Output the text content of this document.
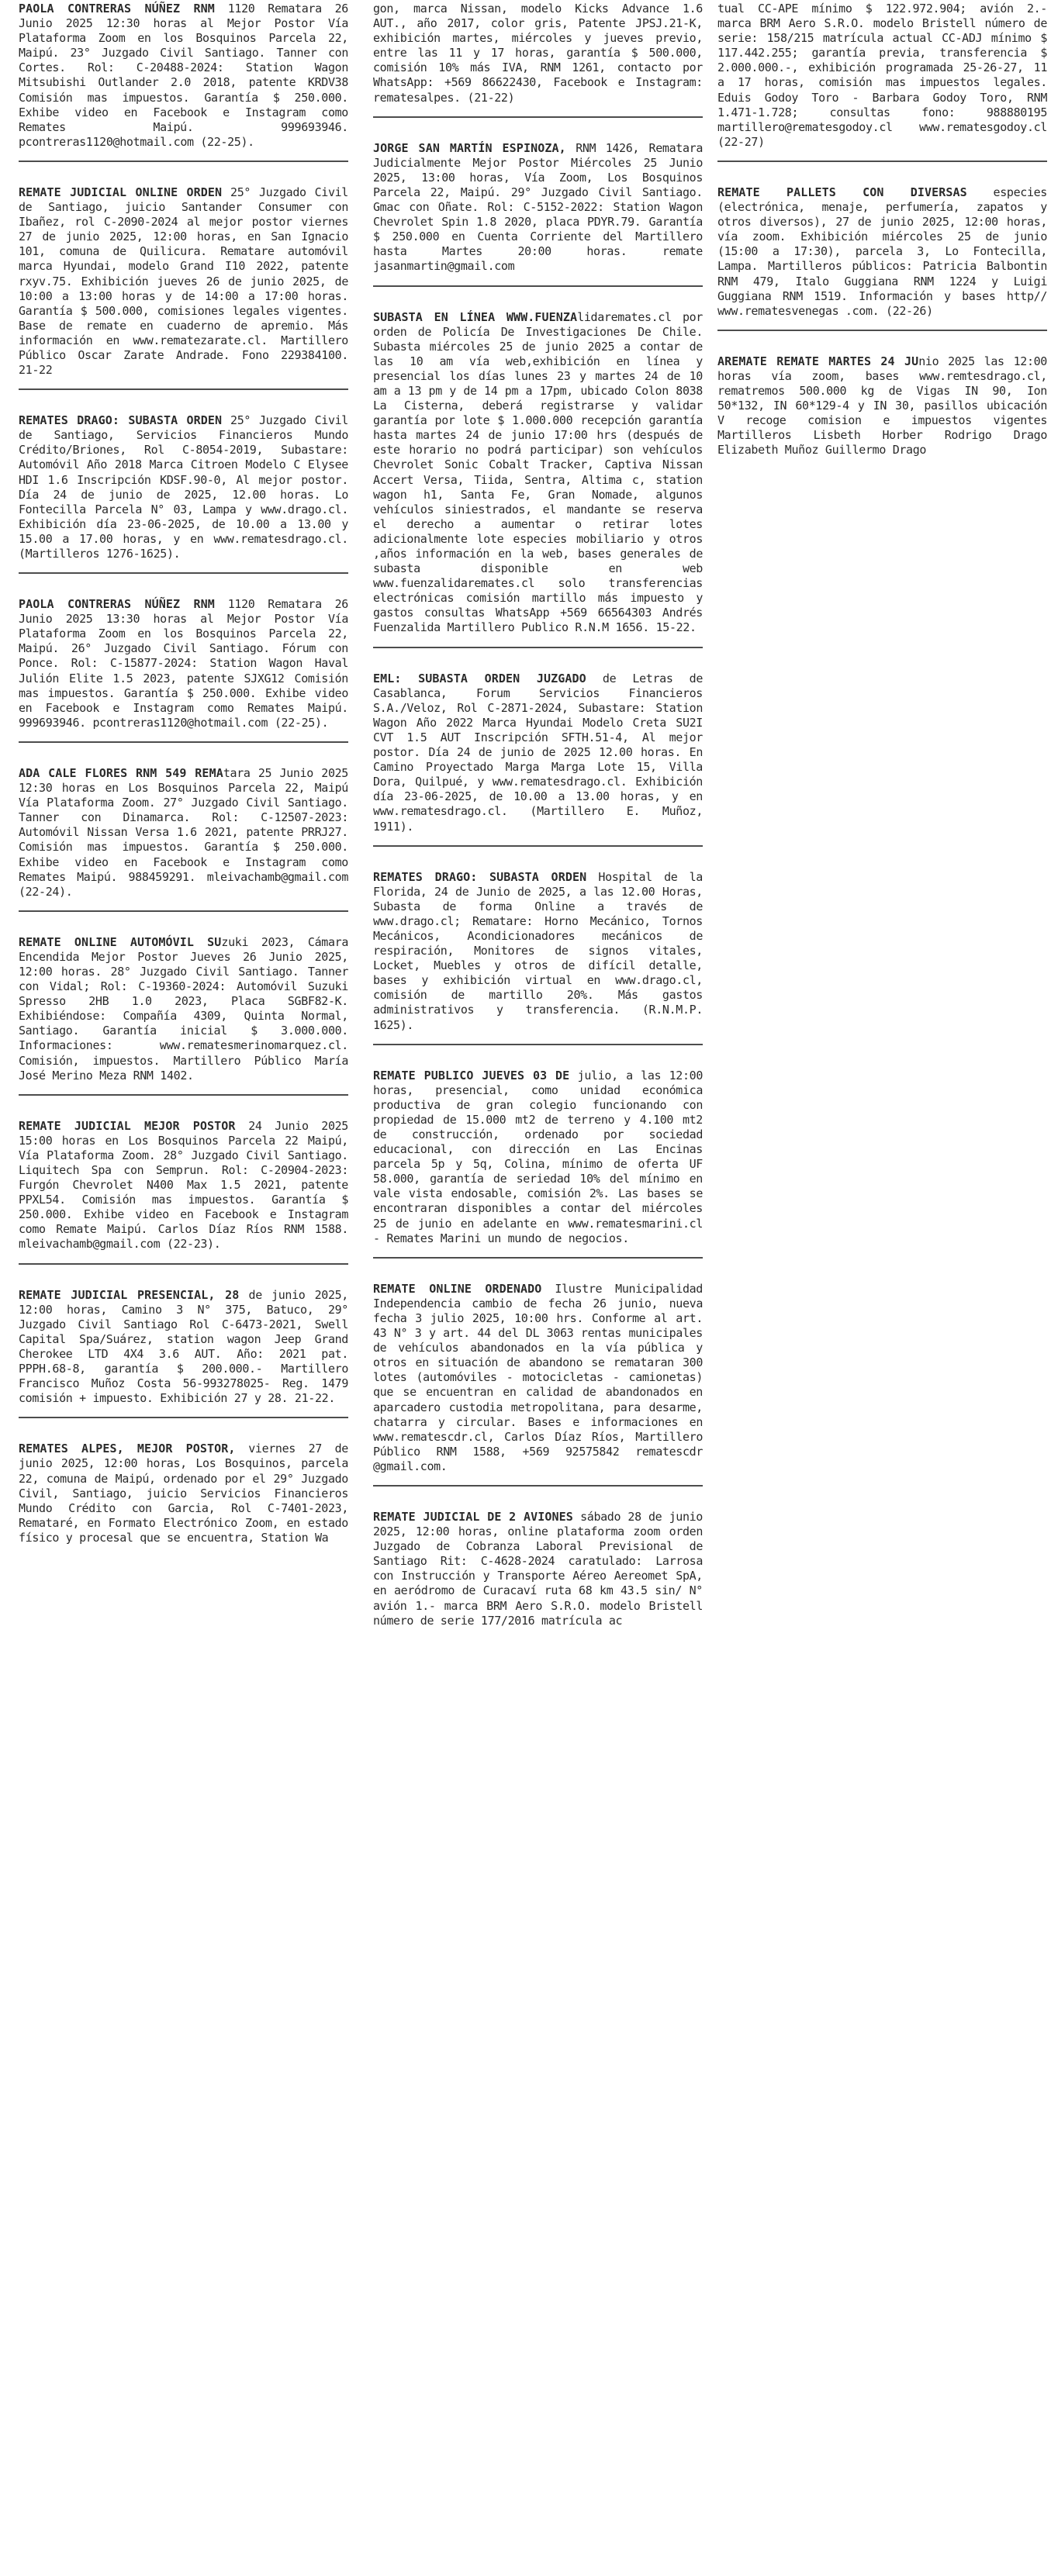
PAOLA CONTRERAS NÚÑEZ RNM 1120 Rematara 26 Junio 2025 12:30 horas al Mejor Postor Vía Plataforma Zoom en los Bosquinos Parcela 22, Maipú. 23° Juzgado Civil Santiago. Tanner con Cortes. Rol: C-20488-2024: Station Wagon Mitsubishi Outlander 2.0 2018, patente KRDV38 Comisión mas impuestos. Garantía $ 250.000. Exhibe video en Facebook e Instagram como Remates Maipú. 999693946. pcontreras1120@hotmail.com (22-25).
REMATE JUDICIAL ONLINE ORDEN 25° Juzgado Civil de Santiago, juicio Santander Consumer con Ibañez, rol C-2090-2024 al mejor postor viernes 27 de junio 2025, 12:00 horas, en San Ignacio 101, comuna de Quilicura. Rematare automóvil marca Hyundai, modelo Grand I10 2022, patente rxyv.75. Exhibición jueves 26 de junio 2025, de 10:00 a 13:00 horas y de 14:00 a 17:00 horas. Garantía $ 500.000, comisiones legales vigentes. Base de remate en cuaderno de apremio. Más información en www.rematezarate.cl. Martillero Público Oscar Zarate Andrade. Fono 229384100. 21-22
REMATES DRAGO: SUBASTA ORDEN 25° Juzgado Civil de Santiago, Servicios Financieros Mundo Crédito/Briones, Rol C-8054-2019, Subastare: Automóvil Año 2018 Marca Citroen Modelo C Elysee HDI 1.6 Inscripción KDSF.90-0, Al mejor postor. Día 24 de junio de 2025, 12.00 horas. Lo Fontecilla Parcela N° 03, Lampa y www.drago.cl. Exhibición día 23-06-2025, de 10.00 a 13.00 y 15.00 a 17.00 horas, y en www.rematesdrago.cl. (Martilleros 1276-1625).
PAOLA CONTRERAS NÚÑEZ RNM 1120 Rematara 26 Junio 2025 13:30 horas al Mejor Postor Vía Plataforma Zoom en los Bosquinos Parcela 22, Maipú. 26° Juzgado Civil Santiago. Fórum con Ponce. Rol: C-15877-2024: Station Wagon Haval Julión Elite 1.5 2023, patente SJXG12 Comisión mas impuestos. Garantía $ 250.000. Exhibe video en Facebook e Instagram como Remates Maipú. 999693946. pcontreras1120@hotmail.com (22-25).
ADA CALE FLORES RNM 549 REMAtara 25 Junio 2025 12:30 horas en Los Bosquinos Parcela 22, Maipú Vía Plataforma Zoom. 27° Juzgado Civil Santiago. Tanner con Dinamarca. Rol: C-12507-2023: Automóvil Nissan Versa 1.6 2021, patente PRRJ27. Comisión mas impuestos. Garantía $ 250.000. Exhibe video en Facebook e Instagram como Remates Maipú. 988459291. mleivachamb@gmail.com (22-24).
REMATE ONLINE AUTOMÓVIL SUzuki 2023, Cámara Encendida Mejor Postor Jueves 26 Junio 2025, 12:00 horas. 28° Juzgado Civil Santiago. Tanner con Vidal; Rol: C-19360-2024: Automóvil Suzuki Spresso 2HB 1.0 2023, Placa SGBF82-K. Exhibiéndose: Compañía 4309, Quinta Normal, Santiago. Garantía inicial $ 3.000.000. Informaciones: www.rematesmerinomarquez.cl. Comisión, impuestos. Martillero Público María José Merino Meza RNM 1402.
REMATE JUDICIAL MEJOR POSTOR 24 Junio 2025 15:00 horas en Los Bosquinos Parcela 22 Maipú, Vía Plataforma Zoom. 28° Juzgado Civil Santiago. Liquitech Spa con Semprun. Rol: C-20904-2023: Furgón Chevrolet N400 Max 1.5 2021, patente PPXL54. Comisión mas impuestos. Garantía $ 250.000. Exhibe video en Facebook e Instagram como Remate Maipú. Carlos Díaz Ríos RNM 1588. mleivachamb@gmail.com (22-23).
REMATE JUDICIAL PRESENCIAL, 28 de junio 2025, 12:00 horas, Camino 3 N° 375, Batuco, 29° Juzgado Civil Santiago Rol C-6473-2021, Swell Capital Spa/Suárez, station wagon Jeep Grand Cherokee LTD 4X4 3.6 AUT. Año: 2021 pat. PPPH.68-8, garantía $ 200.000.- Martillero Francisco Muñoz Costa 56-993278025- Reg. 1479 comisión + impuesto. Exhibición 27 y 28. 21-22.
REMATES ALPES, MEJOR POSTOR, viernes 27 de junio 2025, 12:00 horas, Los Bosquinos, parcela 22, comuna de Maipú, ordenado por el 29° Juzgado Civil, Santiago, juicio Servicios Financieros Mundo Crédito con Garcia, Rol C-7401-2023, Remataré, en Formato Electrónico Zoom, en estado físico y procesal que se encuentra, Station Wa
gon, marca Nissan, modelo Kicks Advance 1.6 AUT., año 2017, color gris, Patente JPSJ.21-K, exhibición martes, miércoles y jueves previo, entre las 11 y 17 horas, garantía $ 500.000, comisión 10% más IVA, RNM 1261, contacto por WhatsApp: +569 86622430, Facebook e Instagram: rematesalpes. (21-22)
JORGE SAN MARTÍN ESPINOZA, RNM 1426, Rematara Judicialmente Mejor Postor Miércoles 25 Junio 2025, 13:00 horas, Vía Zoom, Los Bosquinos Parcela 22, Maipú. 29° Juzgado Civil Santiago. Gmac con Oñate. Rol: C-5152-2022: Station Wagon Chevrolet Spin 1.8 2020, placa PDYR.79. Garantía $ 250.000 en Cuenta Corriente del Martillero hasta Martes 20:00 horas. remate jasanmartin@gmail.com
SUBASTA EN LÍNEA WWW.FUENZAlidaremates.cl por orden de Policía De Investigaciones De Chile. Subasta miércoles 25 de junio 2025 a contar de las 10 am vía web,exhibición en línea y presencial los días lunes 23 y martes 24 de 10 am a 13 pm y de 14 pm a 17pm, ubicado Colon 8038 La Cisterna, deberá registrarse y validar garantía por lote $ 1.000.000 recepción garantía hasta martes 24 de junio 17:00 hrs (después de este horario no podrá participar) son vehículos Chevrolet Sonic Cobalt Tracker, Captiva Nissan Accert Versa, Tiida, Sentra, Altima c, station wagon h1, Santa Fe, Gran Nomade, algunos vehículos siniestrados, el mandante se reserva el derecho a aumentar o retirar lotes adicionalmente lote especies mobiliario y otros ,años información en la web, bases generales de subasta disponible en web www.fuenzalidaremates.cl solo transferencias electrónicas comisión martillo más impuesto y gastos consultas WhatsApp +569 66564303 Andrés Fuenzalida Martillero Publico R.N.M 1656. 15-22.
EML: SUBASTA ORDEN JUZGADO de Letras de Casablanca, Forum Servicios Financieros S.A./Veloz, Rol C-2871-2024, Subastare: Station Wagon Año 2022 Marca Hyundai Modelo Creta SU2I CVT 1.5 AUT Inscripción SFTH.51-4, Al mejor postor. Día 24 de junio de 2025 12.00 horas. En Camino Proyectado Marga Marga Lote 15, Villa Dora, Quilpué, y www.rematesdrago.cl. Exhibición día 23-06-2025, de 10.00 a 13.00 horas, y en www.rematesdrago.cl. (Martillero E. Muñoz, 1911).
REMATES DRAGO: SUBASTA ORDEN Hospital de la Florida, 24 de Junio de 2025, a las 12.00 Horas, Subasta de forma Online a través de www.drago.cl; Rematare: Horno Mecánico, Tornos Mecánicos, Acondicionadores mecánicos de respiración, Monitores de signos vitales, Locket, Muebles y otros de difícil detalle, bases y exhibición virtual en www.drago.cl, comisión de martillo 20%. Más gastos administrativos y transferencia. (R.N.M.P. 1625).
REMATE PUBLICO JUEVES 03 DE julio, a las 12:00 horas, presencial, como unidad económica productiva de gran colegio funcionando con propiedad de 15.000 mt2 de terreno y 4.100 mt2 de construcción, ordenado por sociedad educacional, con dirección en Las Encinas parcela 5p y 5q, Colina, mínimo de oferta UF 58.000, garantía de seriedad 10% del mínimo en vale vista endosable, comisión 2%. Las bases se encontraran disponibles a contar del miércoles 25 de junio en adelante en www.rematesmarini.cl - Remates Marini un mundo de negocios.
REMATE ONLINE ORDENADO Ilustre Municipalidad Independencia cambio de fecha 26 junio, nueva fecha 3 julio 2025, 10:00 hrs. Conforme al art. 43 N° 3 y art. 44 del DL 3063 rentas municipales de vehículos abandonados en la vía pública y otros en situación de abandono se remataran 300 lotes (automóviles - motocicletas - camionetas) que se encuentran en calidad de abandonados en aparcadero custodia metropolitana, para desarme, chatarra y circular. Bases e informaciones en www.rematescdr.cl, Carlos Díaz Ríos, Martillero Público RNM 1588, +569 92575842 rematescdr @gmail.com.
REMATE JUDICIAL DE 2 AVIONES sábado 28 de junio 2025, 12:00 horas, online plataforma zoom orden Juzgado de Cobranza Laboral Previsional de Santiago Rit: C-4628-2024 caratulado: Larrosa con Instrucción y Transporte Aéreo Aereomet SpA, en aeródromo de Curacaví ruta 68 km 43.5 sin/ N° avión 1.- marca BRM Aero S.R.O. modelo Bristell número de serie 177/2016 matrícula ac
tual CC-APE mínimo $ 122.972.904; avión 2.- marca BRM Aero S.R.O. modelo Bristell número de serie: 158/215 matrícula actual CC-ADJ mínimo $ 117.442.255; garantía previa, transferencia $ 2.000.000.-, exhibición programada 25-26-27, 11 a 17 horas, comisión mas impuestos legales. Eduis Godoy Toro - Barbara Godoy Toro, RNM 1.471-1.728; consultas fono: 988880195 martillero@rematesgodoy.cl www.rematesgodoy.cl (22-27)
REMATE PALLETS CON DIVERSAS especies (electrónica, menaje, perfumería, zapatos y otros diversos), 27 de junio 2025, 12:00 horas, vía zoom. Exhibición miércoles 25 de junio (15:00 a 17:30), parcela 3, Lo Fontecilla, Lampa. Martilleros públicos: Patricia Balbontin RNM 479, Italo Guggiana RNM 1224 y Luigi Guggiana RNM 1519. Información y bases http// www.rematesvenegas .com. (22-26)
AREMATE REMATE MARTES 24 JUnio 2025 las 12:00 horas vía zoom, bases www.remtesdrago.cl, rematremos 500.000 kg de Vigas IN 90, Ion 50*132, IN 60*129-4 y IN 30, pasillos ubicación V recoge comision e impuestos vigentes Martilleros Lisbeth Horber Rodrigo Drago Elizabeth Muñoz Guillermo Drago
